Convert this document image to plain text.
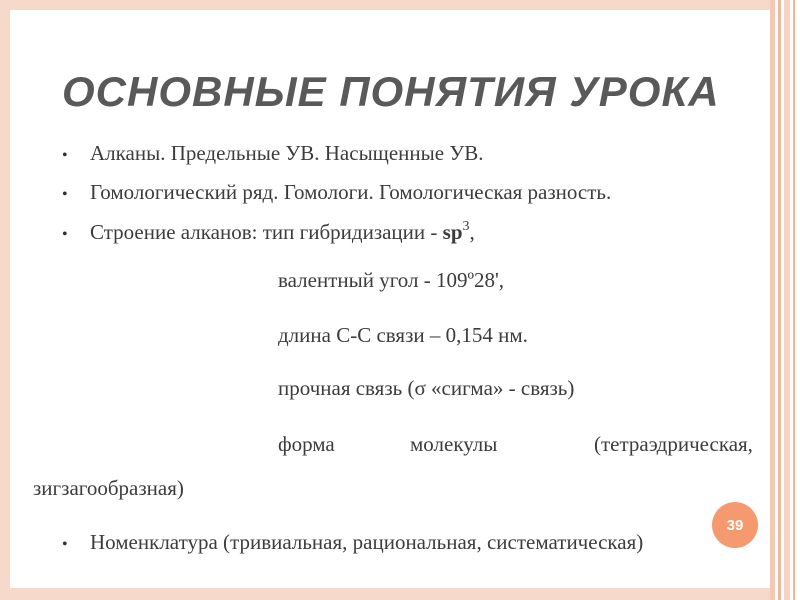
ОСНОВНЫЕ ПОНЯТИЯ УРОКА
•
Алканы. Предельные УВ. Насыщенные УВ.
•
Гомологический ряд. Гомологи. Гомологическая разность.
•
Строение алканов: тип гибридизации - $sp^3$,
валентный угол - 109º28',
длина С-С связи – 0,154 нм.
прочная связь (σ «сигма» - связь)
форма	молекулы	(тетраэдрическая,
зигзагообразная)
39
•
Номенклатура (тривиальная, рациональная, систематическая)
